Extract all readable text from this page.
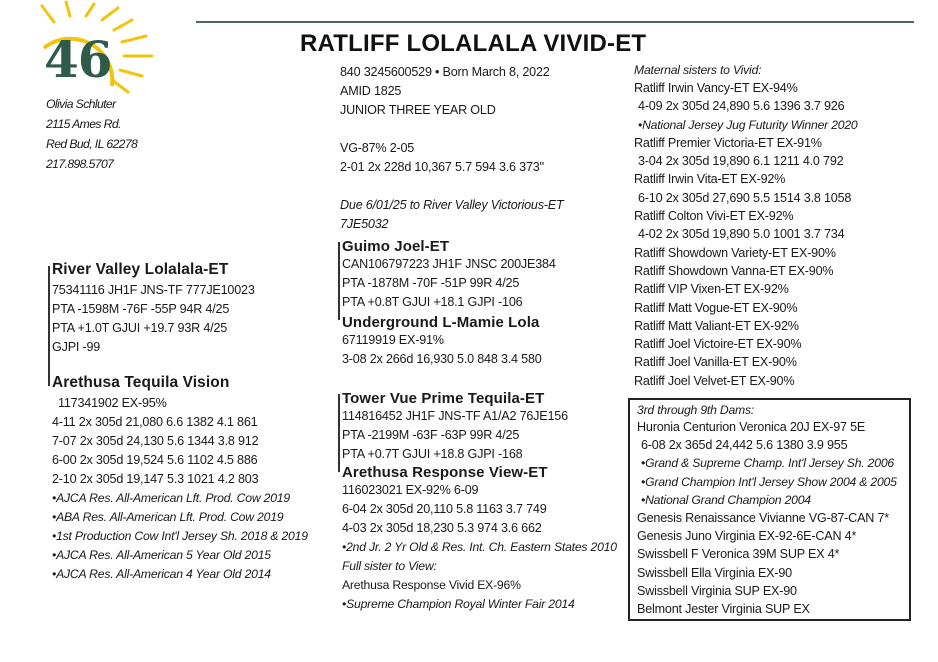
46	RATLIFF LOLALALA VIVID-ET
Olivia Schluter
2115 Ames Rd.
Red Bud, IL 62278
217.898.5707
840 3245600529 • Born March 8, 2022
AMID 1825
JUNIOR THREE YEAR OLD
VG-87% 2-05
2-01 2x 228d 10,367 5.7 594 3.6 373"
Due 6/01/25 to River Valley Victorious-ET
7JE5032
River Valley Lolalala-ET
75341116 JH1F JNS-TF 777JE10023
PTA -1598M -76F -55P 94R 4/25
PTA +1.0T GJUI +19.7 93R 4/25
GJPI -99
Arethusa Tequila Vision
117341902 EX-95%
4-11 2x 305d 21,080 6.6 1382 4.1 861
7-07 2x 305d 24,130 5.6 1344 3.8 912
6-00 2x 305d 19,524 5.6 1102 4.5 886
2-10 2x 305d 19,147 5.3 1021 4.2 803
•AJCA Res. All-American Lft. Prod. Cow 2019
•ABA Res. All-American Lft. Prod. Cow 2019
•1st Production Cow Int'l Jersey Sh. 2018 & 2019
•AJCA Res. All-American 5 Year Old 2015
•AJCA Res. All-American 4 Year Old 2014
Guimo Joel-ET
CAN106797223 JH1F JNSC 200JE384
PTA -1878M -70F -51P 99R 4/25
PTA +0.8T GJUI +18.1 GJPI -106
Underground L-Mamie Lola
67119919 EX-91%
3-08 2x 266d 16,930 5.0 848 3.4 580
Tower Vue Prime Tequila-ET
114816452 JH1F JNS-TF A1/A2 76JE156
PTA -2199M -63F -63P 99R 4/25
PTA +0.7T GJUI +18.8 GJPI -168
Arethusa Response View-ET
116023021 EX-92% 6-09
6-04 2x 305d 20,110 5.8 1163 3.7 749
4-03 2x 305d 18,230 5.3 974 3.6 662
•2nd Jr. 2 Yr Old & Res. Int. Ch. Eastern States 2010
Full sister to View:
Arethusa Response Vivid EX-96%
•Supreme Champion Royal Winter Fair 2014
Maternal sisters to Vivid:
Ratliff Irwin Vancy-ET EX-94%
4-09 2x 305d 24,890 5.6 1396 3.7 926
•National Jersey Jug Futurity Winner 2020
Ratliff Premier Victoria-ET EX-91%
3-04 2x 305d 19,890 6.1 1211 4.0 792
Ratliff Irwin Vita-ET EX-92%
6-10 2x 305d 27,690 5.5 1514 3.8 1058
Ratliff Colton Vivi-ET EX-92%
4-02 2x 305d 19,890 5.0 1001 3.7 734
Ratliff Showdown Variety-ET EX-90%
Ratliff Showdown Vanna-ET EX-90%
Ratliff VIP Vixen-ET EX-92%
Ratliff Matt Vogue-ET EX-90%
Ratliff Matt Valiant-ET EX-92%
Ratliff Joel Victoire-ET EX-90%
Ratliff Joel Vanilla-ET EX-90%
Ratliff Joel Velvet-ET EX-90%
3rd through 9th Dams:
Huronia Centurion Veronica 20J EX-97 5E
6-08 2x 365d 24,442 5.6 1380 3.9 955
•Grand & Supreme Champ. Int'l Jersey Sh. 2006
•Grand Champion Int'l Jersey Show 2004 & 2005
•National Grand Champion 2004
Genesis Renaissance Vivianne VG-87-CAN 7*
Genesis Juno Virginia EX-92-6E-CAN 4*
Swissbell F Veronica 39M SUP EX 4*
Swissbell Ella Virginia EX-90
Swissbell Virginia SUP EX-90
Belmont Jester Virginia SUP EX
